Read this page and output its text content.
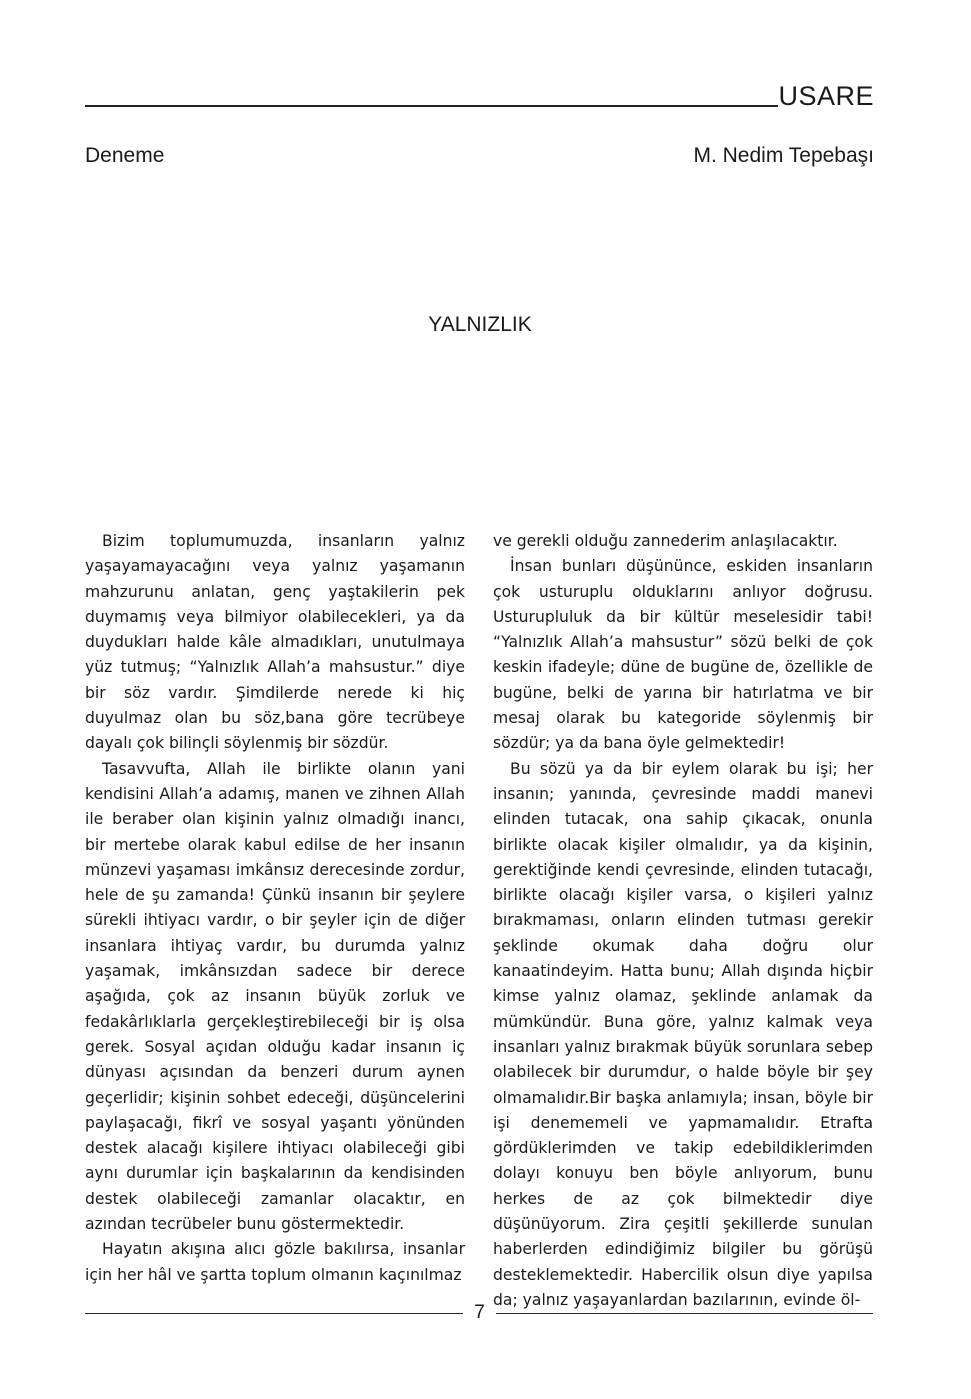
USARE
Deneme	M. Nedim Tepebaşı
YALNIZLIK

Bizim toplumumuzda, insanların yalnız yaşayamayacağını veya yalnız yaşamanın mahzurunu anlatan, genç yaştakilerin pek duymamış veya bilmiyor olabilecekleri, ya da duydukları halde kâle almadıkları, unutulmaya yüz tutmuş; “Yalnızlık Allah’a mahsustur.” diye bir söz vardır. Şimdilerde nerede ki hiç duyulmaz olan bu söz,bana göre tecrübeye dayalı çok bilinçli söylenmiş bir sözdür.

Tasavvufta, Allah ile birlikte olanın yani kendisini Allah’a adamış, manen ve zihnen Allah ile beraber olan kişinin yalnız olmadığı inancı, bir mertebe olarak kabul edilse de her insanın münzevi yaşaması imkânsız derecesinde zordur, hele de şu zamanda! Çünkü insanın bir şeylere sürekli ihtiyacı vardır, o bir şeyler için de diğer insanlara ihtiyaç vardır, bu durumda yalnız yaşamak, imkânsızdan sadece bir derece aşağıda, çok az insanın büyük zorluk ve fedakârlıklarla gerçekleştirebileceği bir iş olsa gerek. Sosyal açıdan olduğu kadar insanın iç dünyası açısından da benzeri durum aynen geçerlidir; kişinin sohbet edeceği, düşüncelerini paylaşacağı, fikrî ve sosyal yaşantı yönünden destek alacağı kişilere ihtiyacı olabileceği gibi aynı durumlar için başkalarının da kendisinden destek olabileceği zamanlar olacaktır, en azından tecrübeler bunu göstermektedir.

Hayatın akışına alıcı gözle bakılırsa, insanlar için her hâl ve şartta toplum olmanın kaçınılmaz

ve gerekli olduğu zannederim anlaşılacaktır.

İnsan bunları düşününce, eskiden insanların çok usturuplu olduklarını anlıyor doğrusu. Usturupluluk da bir kültür meselesidir tabi! “Yalnızlık Allah’a mahsustur” sözü belki de çok keskin ifadeyle; düne de bugüne de, özellikle de bugüne, belki de yarına bir hatırlatma ve bir mesaj olarak bu kategoride söylenmiş bir sözdür; ya da bana öyle gelmektedir!

Bu sözü ya da bir eylem olarak bu işi; her insanın; yanında, çevresinde maddi manevi elinden tutacak, ona sahip çıkacak, onunla birlikte olacak kişiler olmalıdır, ya da kişinin, gerektiğinde kendi çevresinde, elinden tutacağı, birlikte olacağı kişiler varsa, o kişileri yalnız bırakmaması, onların elinden tutması gerekir şeklinde okumak daha doğru olur kanaatindeyim. Hatta bunu; Allah dışında hiçbir kimse yalnız olamaz, şeklinde anlamak da mümkündür. Buna göre, yalnız kalmak veya insanları yalnız bırakmak büyük sorunlara sebep olabilecek bir durumdur, o halde böyle bir şey olmamalıdır.Bir başka anlamıyla; insan, böyle bir işi denememeli ve yapmamalıdır. Etrafta gördüklerimden ve takip edebildiklerimden dolayı konuyu ben böyle anlıyorum, bunu herkes de az çok bilmektedir diye düşünüyorum. Zira çeşitli şekillerde sunulan haberlerden edindiğimiz bilgiler bu görüşü desteklemektedir. Habercilik olsun diye yapılsa da; yalnız yaşayanlardan bazılarının, evinde öl-

7
